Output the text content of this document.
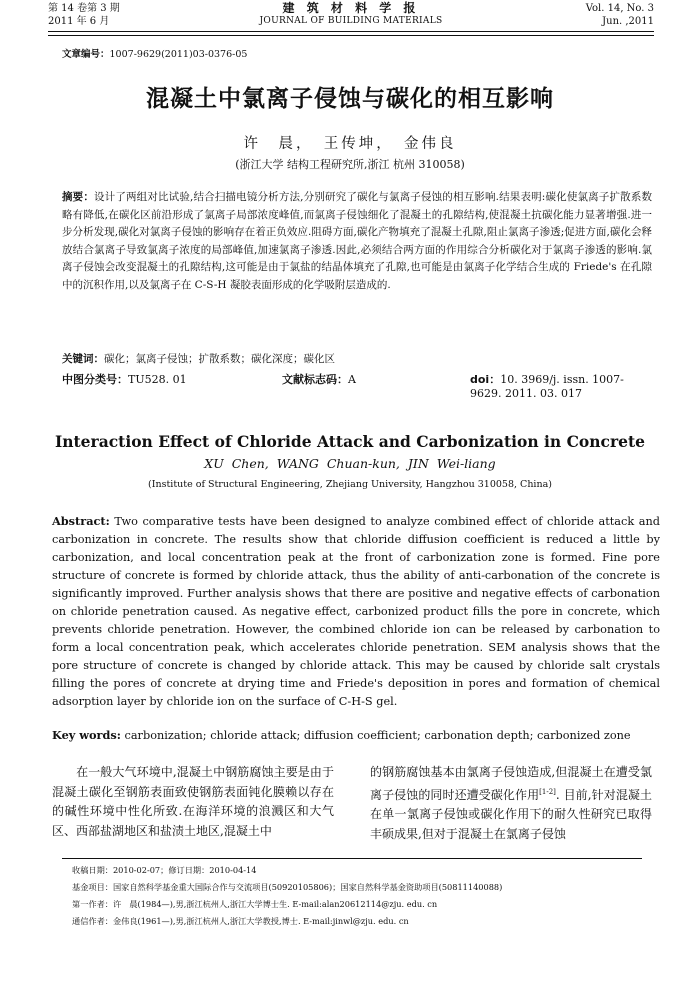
第 14 卷第 3 期
2011 年 6 月
建 筑 材 料 学 报
JOURNAL OF BUILDING MATERIALS
Vol. 14, No. 3
Jun. ,2011
文章编号：1007-9629(2011)03-0376-05
混凝土中氯离子侵蚀与碳化的相互影响
许　晨，　王传坤，　金伟良
(浙江大学 结构工程研究所,浙江 杭州 310058)
摘要：设计了两组对比试验,结合扫描电镜分析方法,分别研究了碳化与氯离子侵蚀的相互影响.结果表明:碳化使氯离子扩散系数略有降低,在碳化区前沿形成了氯离子局部浓度峰值,而氯离子侵蚀细化了混凝土的孔隙结构,使混凝土抗碳化能力显著增强.进一步分析发现,碳化对氯离子侵蚀的影响存在着正负效应.阻碍方面,碳化产物填充了混凝土孔隙,阻止氯离子渗透;促进方面,碳化会释放结合氯离子导致氯离子浓度的局部峰值,加速氯离子渗透.因此,必须结合两方面的作用综合分析碳化对于氯离子渗透的影响.氯离子侵蚀会改变混凝土的孔隙结构,这可能是由于氯盐的结晶体填充了孔隙,也可能是由氯离子化学结合生成的 Friede's 在孔隙中的沉积作用,以及氯离子在 C-S-H 凝胶表面形成的化学吸附层造成的.
关键词：碳化；氯离子侵蚀；扩散系数；碳化深度；碳化区
中图分类号：TU528. 01	文献标志码：A	doi：10. 3969/j. issn. 1007-9629. 2011. 03. 017
Interaction Effect of Chloride Attack and Carbonization in Concrete
XU Chen, WANG Chuan-kun, JIN Wei-liang
(Institute of Structural Engineering, Zhejiang University, Hangzhou 310058, China)
Abstract: Two comparative tests have been designed to analyze combined effect of chloride attack and carbonization in concrete. The results show that chloride diffusion coefficient is reduced a little by carbonization, and local concentration peak at the front of carbonization zone is formed. Fine pore structure of concrete is formed by chloride attack, thus the ability of anti-carbonation of the concrete is significantly improved. Further analysis shows that there are positive and negative effects of carbonation on chloride penetration caused. As negative effect, carbonized product fills the pore in concrete, which prevents chloride penetration. However, the combined chloride ion can be released by carbonation to form a local concentration peak, which accelerates chloride penetration. SEM analysis shows that the pore structure of concrete is changed by chloride attack. This may be caused by chloride salt crystals filling the pores of concrete at drying time and Friede's deposition in pores and formation of chemical adsorption layer by chloride ion on the surface of C-H-S gel.
Key words: carbonization; chloride attack; diffusion coefficient; carbonation depth; carbonized zone
在一般大气环境中,混凝土中钢筋腐蚀主要是由于混凝土碳化至钢筋表面致使钢筋表面钝化膜赖以存在的碱性环境中性化所致.在海洋环境的浪溅区和大气区、西部盐湖地区和盐渍土地区,混凝土中
的钢筋腐蚀基本由氯离子侵蚀造成,但混凝土在遭受氯离子侵蚀的同时还遭受碳化作用[1-2]. 目前,针对混凝土在单一氯离子侵蚀或碳化作用下的耐久性研究已取得丰硕成果,但对于混凝土在氯离子侵蚀
收稿日期：2010-02-07；修订日期：2010-04-14
基金项目：国家自然科学基金重大国际合作与交流项目(50920105806)；国家自然科学基金资助项目(50811140088)
第一作者：许　晨(1984—),男,浙江杭州人,浙江大学博士生. E-mail:alan20612114@zju. edu. cn
通信作者：金伟良(1961—),男,浙江杭州人,浙江大学教授,博士. E-mail:jinwl@zju. edu. cn
